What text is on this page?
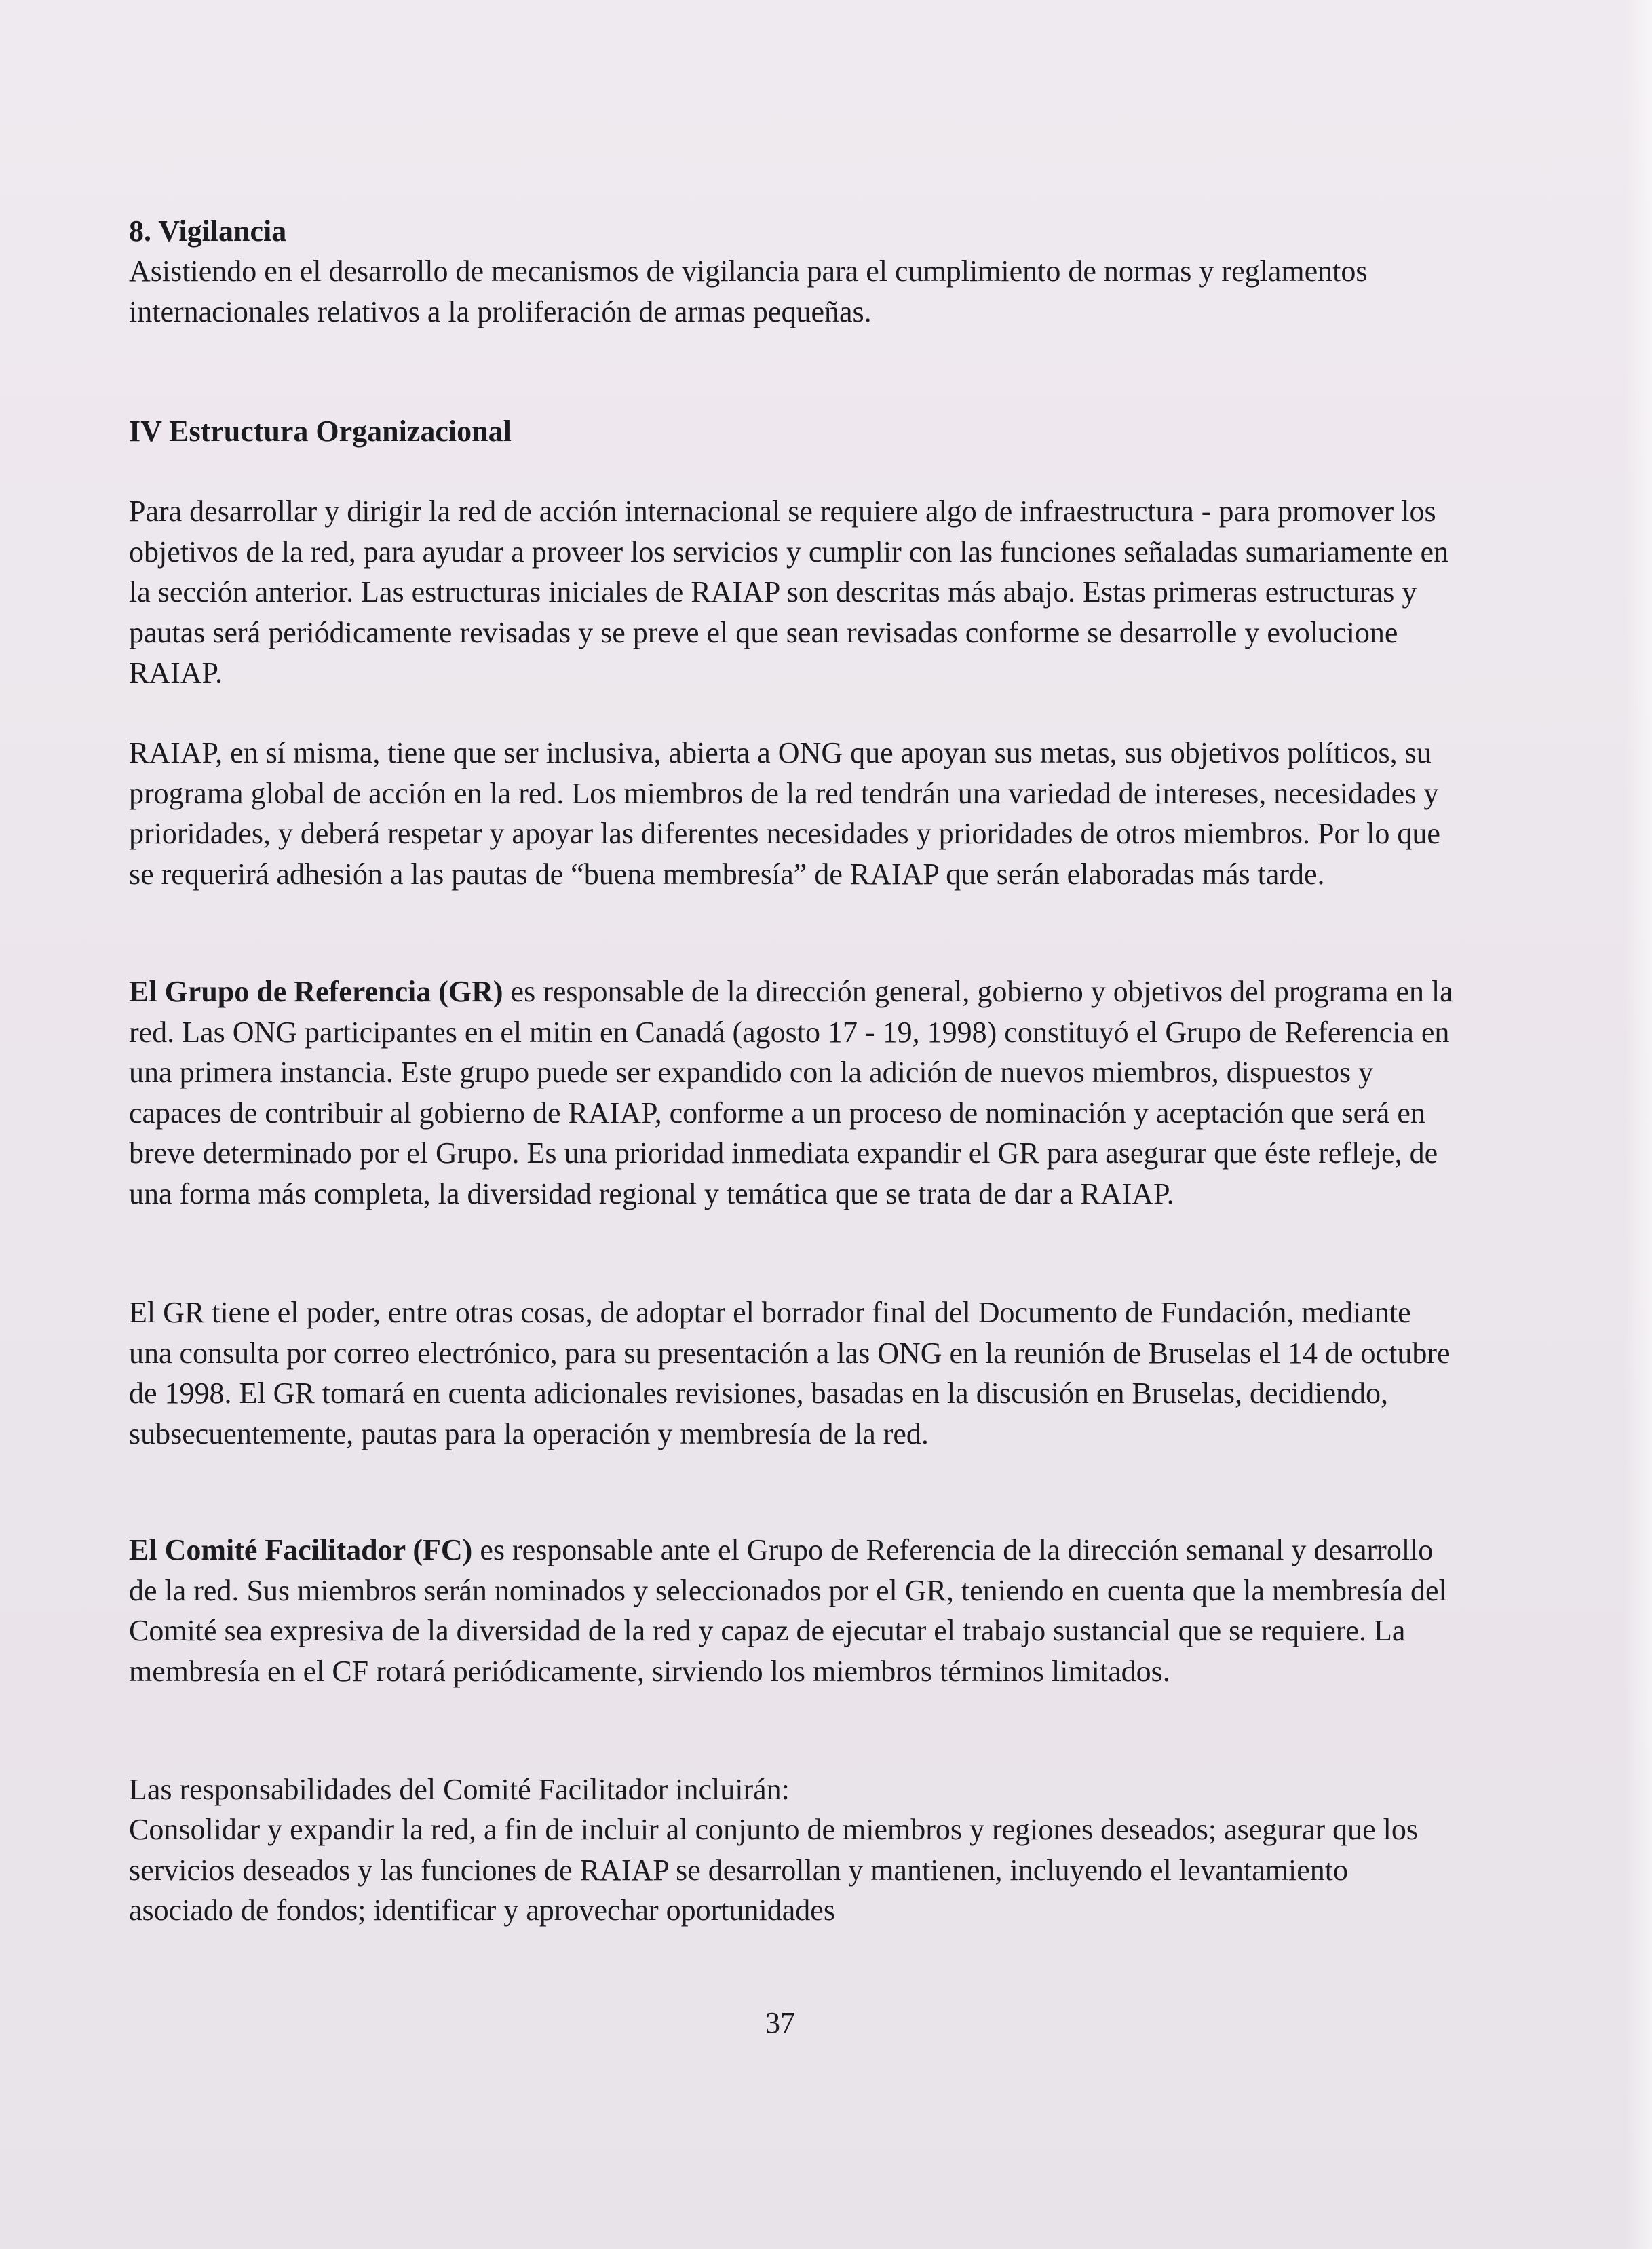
8. Vigilancia

Asistiendo en el desarrollo de mecanismos de vigilancia para el cumplimiento de normas y reglamentos internacionales relativos a la proliferación de armas pequeñas.

IV Estructura Organizacional

Para desarrollar y dirigir la red de acción internacional se requiere algo de infraestructura - para promover los objetivos de la red, para ayudar a proveer los servicios y cumplir con las funciones señaladas sumariamente en la sección anterior. Las estructuras iniciales de RAIAP son descritas más abajo. Estas primeras estructuras y pautas será periódicamente revisadas y se preve el que sean revisadas conforme se desarrolle y evolucione RAIAP.

RAIAP, en sí misma, tiene que ser inclusiva, abierta a ONG que apoyan sus metas, sus objetivos políticos, su programa global de acción en la red. Los miembros de la red tendrán una variedad de intereses, necesidades y prioridades, y deberá respetar y apoyar las diferentes necesidades y prioridades de otros miembros. Por lo que se requerirá adhesión a las pautas de “buena membresía” de RAIAP que serán elaboradas más tarde.

El Grupo de Referencia (GR) es responsable de la dirección general, gobierno y objetivos del programa en la red. Las ONG participantes en el mitin en Canadá (agosto 17 - 19, 1998) constituyó el Grupo de Referencia en una primera instancia. Este grupo puede ser expandido con la adición de nuevos miembros, dispuestos y capaces de contribuir al gobierno de RAIAP, conforme a un proceso de nominación y aceptación que será en breve determinado por el Grupo. Es una prioridad inmediata expandir el GR para asegurar que éste refleje, de una forma más completa, la diversidad regional y temática que se trata de dar a RAIAP.

El GR tiene el poder, entre otras cosas, de adoptar el borrador final del Documento de Fundación, mediante una consulta por correo electrónico, para su presentación a las ONG en la reunión de Bruselas el 14 de octubre de 1998. El GR tomará en cuenta adicionales revisiones, basadas en la discusión en Bruselas, decidiendo, subsecuentemente, pautas para la operación y membresía de la red.

El Comité Facilitador (FC) es responsable ante el Grupo de Referencia de la dirección semanal y desarrollo de la red. Sus miembros serán nominados y seleccionados por el GR, teniendo en cuenta que la membresía del Comité sea expresiva de la diversidad de la red y capaz de ejecutar el trabajo sustancial que se requiere. La membresía en el CF rotará periódicamente, sirviendo los miembros términos limitados.

Las responsabilidades del Comité Facilitador incluirán:

Consolidar y expandir la red, a fin de incluir al conjunto de miembros y regiones deseados; asegurar que los servicios deseados y las funciones de RAIAP se desarrollan y mantienen, incluyendo el levantamiento asociado de fondos; identificar y aprovechar oportunidades

37
